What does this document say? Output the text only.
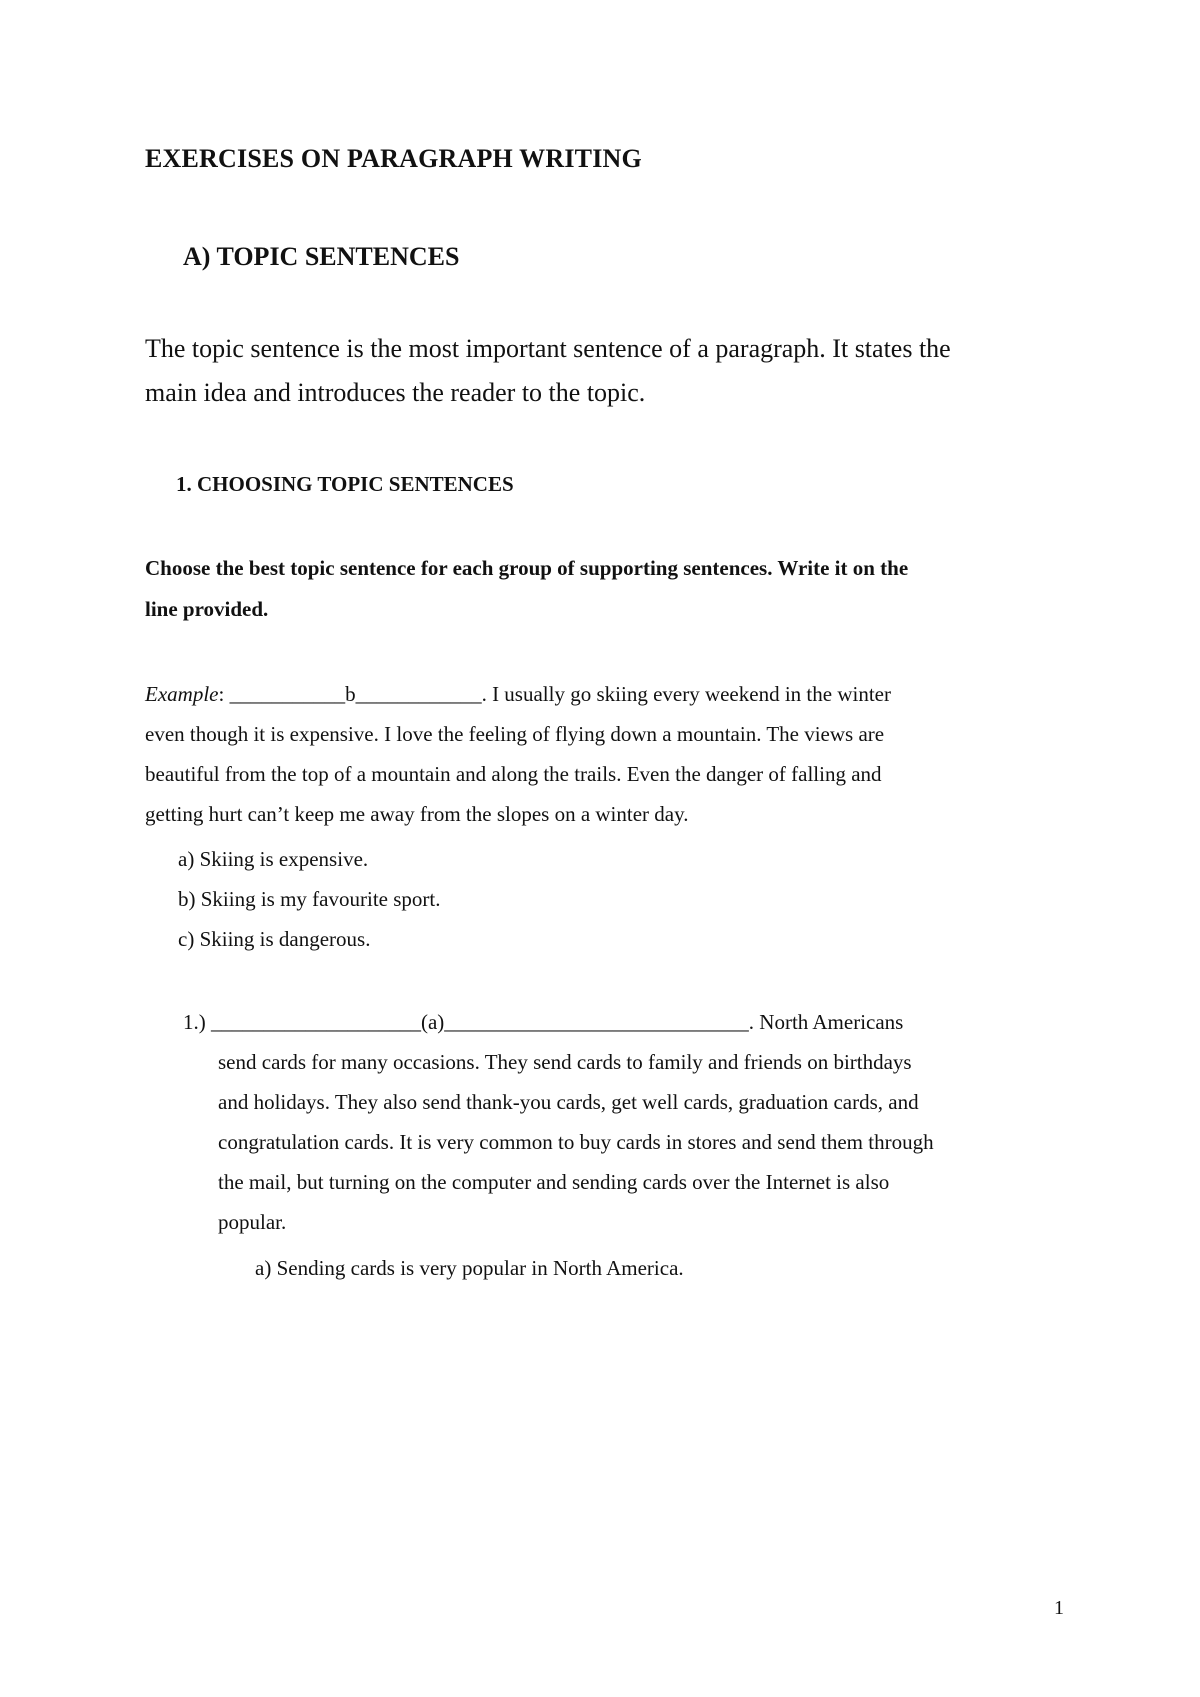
EXERCISES ON PARAGRAPH WRITING
A) TOPIC SENTENCES

The topic sentence is the most important sentence of a paragraph. It states the

main idea and introduces the reader to the topic.

1. CHOOSING TOPIC SENTENCES

Choose the best topic sentence for each group of supporting sentences. Write it on the

line provided.

Example: ___________b____________. I usually go skiing every weekend in the winter

even though it is expensive. I love the feeling of flying down a mountain. The views are

beautiful from the top of a mountain and along the trails. Even the danger of falling and

getting hurt can’t keep me away from the slopes on a winter day.

a) Skiing is expensive.

b) Skiing is my favourite sport.

c) Skiing is dangerous.

1.) ____________________(a)_____________________________. North Americans

send cards for many occasions. They send cards to family and friends on birthdays

and holidays. They also send thank-you cards, get well cards, graduation cards, and

congratulation cards. It is very common to buy cards in stores and send them through

the mail, but turning on the computer and sending cards over the Internet is also

popular.

a) Sending cards is very popular in North America.

1
